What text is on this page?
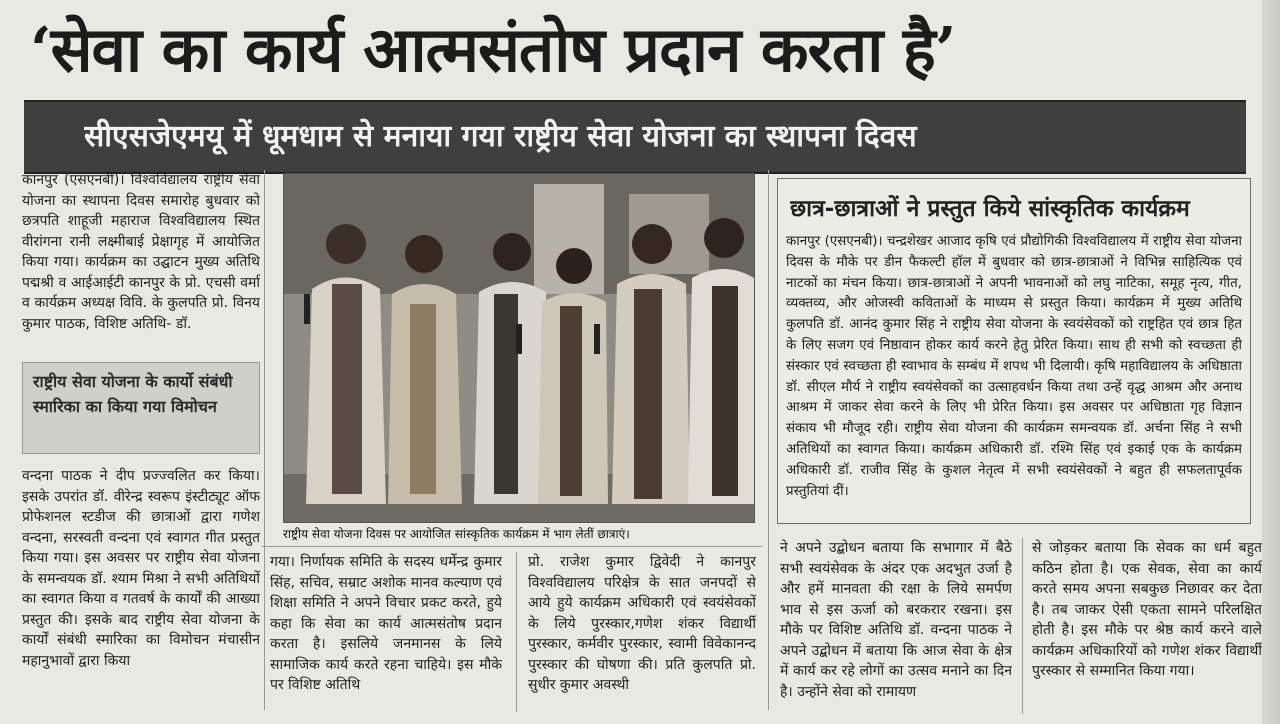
‘सेवा का कार्य आत्मसंतोष प्रदान करता है’
सीएसजेएमयू में धूमधाम से मनाया गया राष्ट्रीय सेवा योजना का स्थापना दिवस
कानपुर (एसएनबी)। विश्वविद्यालय राष्ट्रीय सेवा योजना का स्थापना दिवस समारोह बुधवार को छत्रपति शाहूजी महाराज विश्वविद्यालय स्थित वीरांगना रानी लक्ष्मीबाई प्रेक्षागृह में आयोजित किया गया। कार्यक्रम का उद्घाटन मुख्य अतिथि पद्मश्री व आईआईटी कानपुर के प्रो. एचसी वर्मा व कार्यक्रम अध्यक्ष विवि. के कुलपति प्रो. विनय कुमार पाठक, विशिष्ट अतिथि- डॉ.
राष्ट्रीय सेवा योजना के कार्यो संबंधी स्मारिका का किया गया विमोचन
वन्दना पाठक ने दीप प्रज्ज्वलित कर किया। इसके उपरांत डॉ. वीरेन्द्र स्वरूप इंस्टीट्यूट ऑफ प्रोफेशनल स्टडीज की छात्राओं द्वारा गणेश वन्दना, सरस्वती वन्दना एवं स्वागत गीत प्रस्तुत किया गया। इस अवसर पर राष्ट्रीय सेवा योजना के समन्वयक डॉ. श्याम मिश्रा ने सभी अतिथियों का स्वागत किया व गतवर्ष के कार्यों की आख्या प्रस्तुत की। इसके बाद राष्ट्रीय सेवा योजना के कार्यों संबंधी स्मारिका का विमोचन मंचासीन महानुभावों द्वारा किया
राष्ट्रीय सेवा योजना दिवस पर आयोजित सांस्कृतिक कार्यक्रम में भाग लेतीं छात्राएं।
गया। निर्णायक समिति के सदस्य धर्मेन्द्र कुमार सिंह, सचिव, सम्राट अशोक मानव कल्याण एवं शिक्षा समिति ने अपने विचार प्रकट करते, हुये कहा कि सेवा का कार्य आत्मसंतोष प्रदान करता है। इसलिये जनमानस के लिये सामाजिक कार्य करते रहना चाहिये। इस मौके पर विशिष्ट अतिथि
प्रो. राजेश कुमार द्विवेदी ने कानपुर विश्वविद्यालय परिक्षेत्र के सात जनपदों से आये हुये कार्यक्रम अधिकारी एवं स्वयंसेवकों के लिये पुरस्कार,गणेश शंकर विद्यार्थी पुरस्कार, कर्मवीर पुरस्कार, स्वामी विवेकानन्द पुरस्कार की घोषणा की। प्रति कुलपति प्रो. सुधीर कुमार अवस्थी
छात्र-छात्राओं ने प्रस्तुत किये सांस्कृतिक कार्यक्रम
कानपुर (एसएनबी)। चन्द्रशेखर आजाद कृषि एवं प्रौद्योगिकी विश्वविद्यालय में राष्ट्रीय सेवा योजना दिवस के मौके पर डीन फैकल्टी हॉल में बुधवार को छात्र-छात्राओं ने विभिन्न साहित्यिक एवं नाटकों का मंचन किया। छात्र-छात्राओं ने अपनी भावनाओं को लघु नाटिका, समूह नृत्य, गीत, व्यक्तव्य, और ओजस्वी कविताओं के माध्यम से प्रस्तुत किया। कार्यक्रम में मुख्य अतिथि कुलपति डॉ. आनंद कुमार सिंह ने राष्ट्रीय सेवा योजना के स्वयंसेवकों को राष्ट्रहित एवं छात्र हित के लिए सजग एवं निष्ठावान होकर कार्य करने हेतु प्रेरित किया। साथ ही सभी को स्वच्छता ही संस्कार एवं स्वच्छता ही स्वाभाव के सम्बंध में शपथ भी दिलायी। कृषि महाविद्यालय के अधिष्ठाता डॉ. सीएल मौर्य ने राष्ट्रीय स्वयंसेवकों का उत्साहवर्धन किया तथा उन्हें वृद्ध आश्रम और अनाथ आश्रम में जाकर सेवा करने के लिए भी प्रेरित किया। इस अवसर पर अधिष्ठाता गृह विज्ञान संकाय भी मौजूद रही। राष्ट्रीय सेवा योजना की कार्यक्रम समन्वयक डॉ. अर्चना सिंह ने सभी अतिथियों का स्वागत किया। कार्यक्रम अधिकारी डॉ. रश्मि सिंह एवं इकाई एक के कार्यक्रम अधिकारी डॉ. राजीव सिंह के कुशल नेतृत्व में सभी स्वयंसेवकों ने बहुत ही सफलतापूर्वक प्रस्तुतियां दीं।
ने अपने उद्बोधन बताया कि सभागार में बैठे सभी स्वयंसेवक के अंदर एक अदभुत उर्जा है और हमें मानवता की रक्षा के लिये समर्पण भाव से इस ऊर्जा को बरकरार रखना। इस मौके पर विशिष्ट अतिथि डॉ. वन्दना पाठक ने अपने उद्बोधन में बताया कि आज सेवा के क्षेत्र में कार्य कर रहे लोगों का उत्सव मनाने का दिन है। उन्होंने सेवा को रामायण
से जोड़कर बताया कि सेवक का धर्म बहुत कठिन होता है। एक सेवक, सेवा का कार्य करते समय अपना सबकुछ निछावर कर देता है। तब जाकर ऐसी एकता सामने परिलक्षित होती है। इस मौके पर श्रेष्ठ कार्य करने वाले कार्यक्रम अधिकारियों को गणेश शंकर विद्यार्थी पुरस्कार से सम्मानित किया गया।
